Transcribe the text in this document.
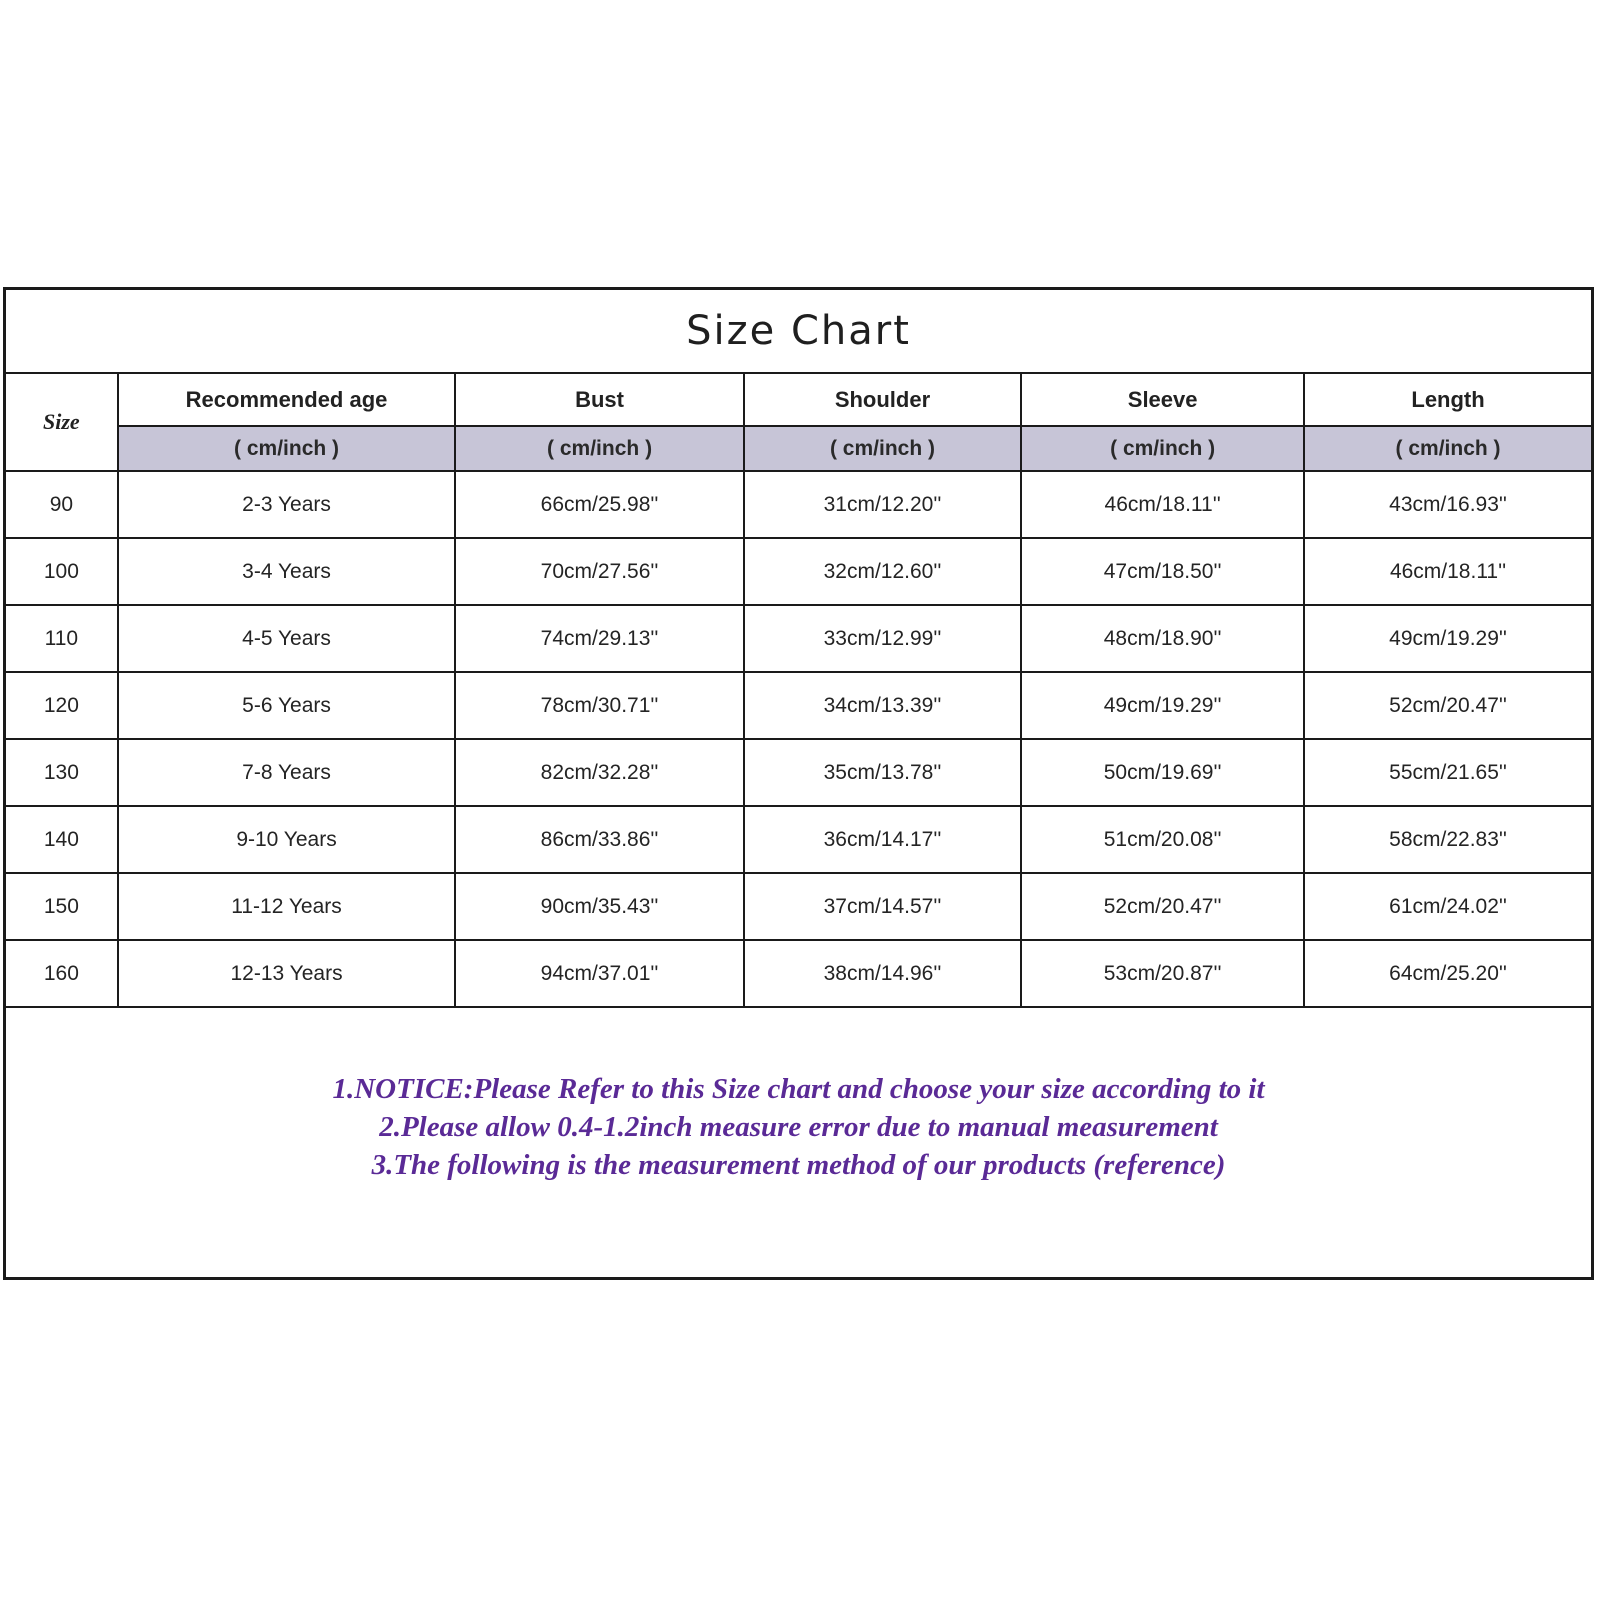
Size Chart
Size	Recommended age	Bust	Shoulder	Sleeve	Length
	( cm/inch )	( cm/inch )	( cm/inch )	( cm/inch )	( cm/inch )
90	2-3 Years	66cm/25.98''	31cm/12.20''	46cm/18.11''	43cm/16.93''
100	3-4 Years	70cm/27.56''	32cm/12.60''	47cm/18.50''	46cm/18.11''
110	4-5 Years	74cm/29.13''	33cm/12.99''	48cm/18.90''	49cm/19.29''
120	5-6 Years	78cm/30.71''	34cm/13.39''	49cm/19.29''	52cm/20.47''
130	7-8 Years	82cm/32.28''	35cm/13.78''	50cm/19.69''	55cm/21.65''
140	9-10 Years	86cm/33.86''	36cm/14.17''	51cm/20.08''	58cm/22.83''
150	11-12 Years	90cm/35.43''	37cm/14.57''	52cm/20.47''	61cm/24.02''
160	12-13 Years	94cm/37.01''	38cm/14.96''	53cm/20.87''	64cm/25.20''
1.NOTICE:Please Refer to this Size chart and choose your size according to it
2.Please allow 0.4-1.2inch measure error due to manual measurement
3.The following is the measurement method of our products (reference)
